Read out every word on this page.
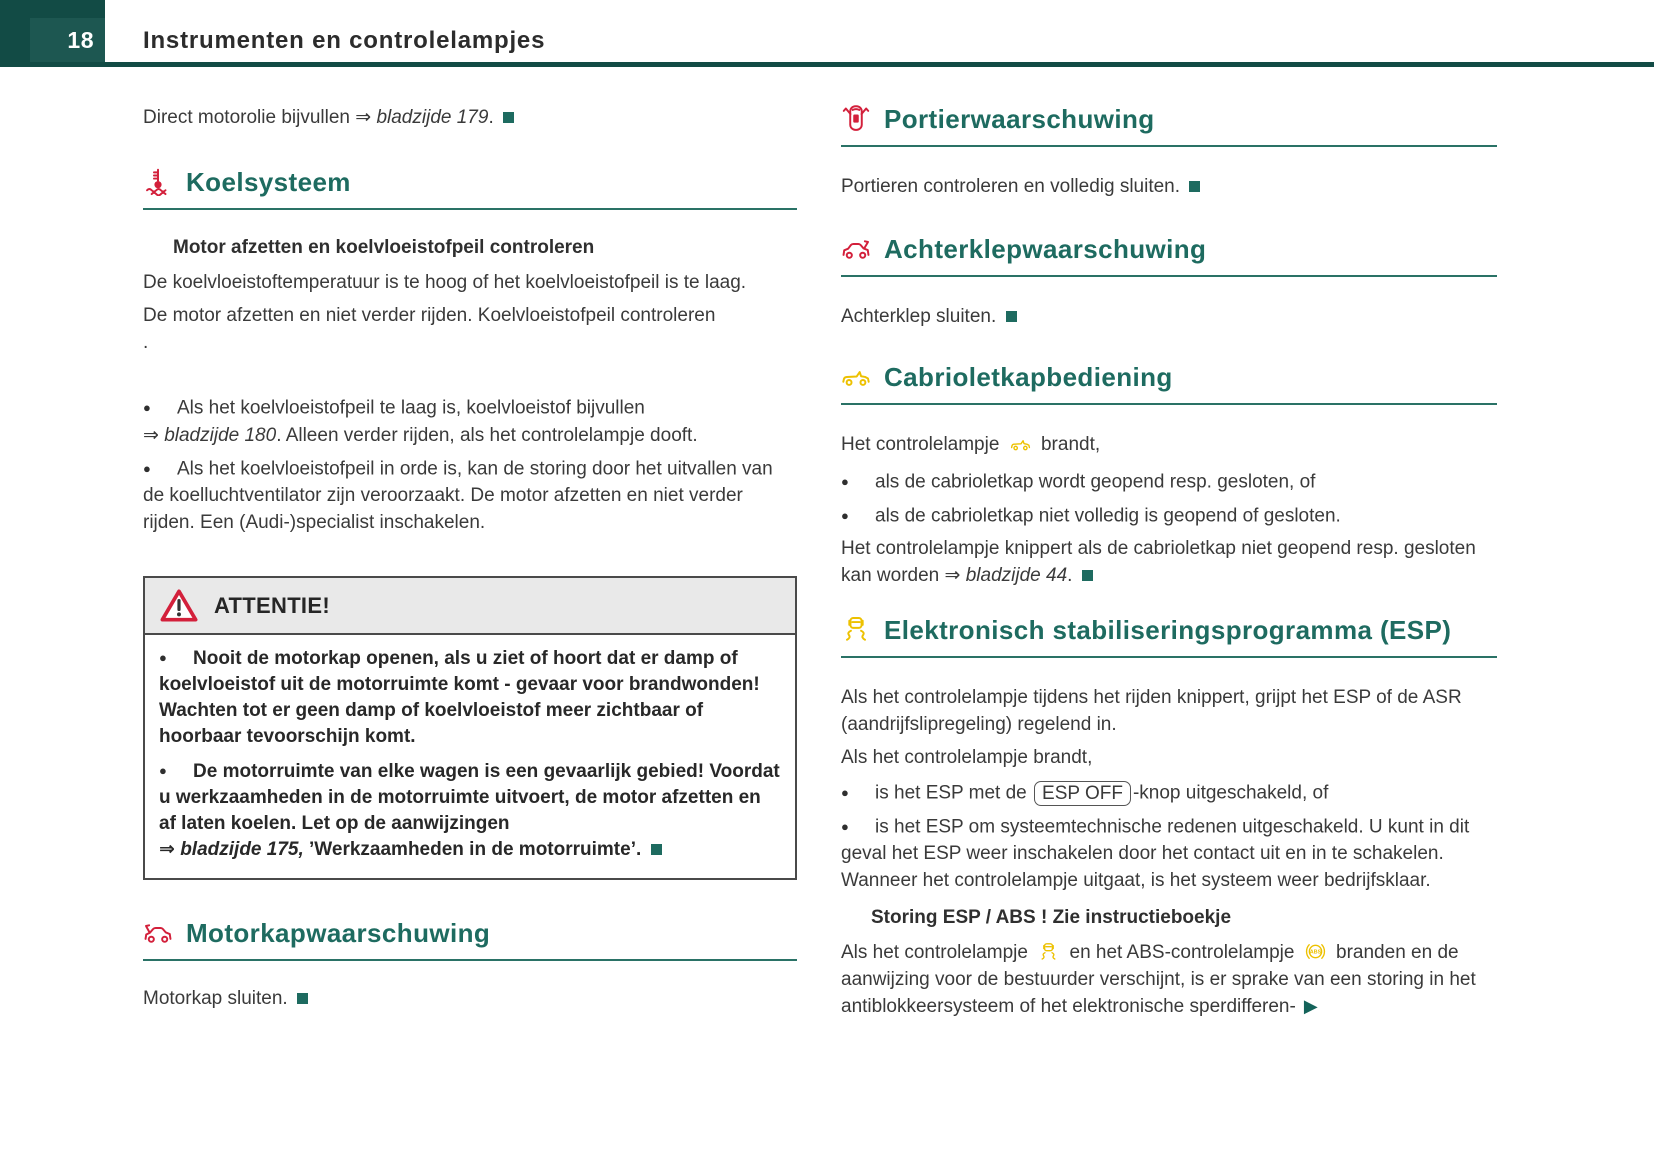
18 Instrumenten en controlelampjes

Direct motorolie bijvullen ⇒ bladzijde 179.

Koelsysteem

Motor afzetten en koelvloeistofpeil controleren

De koelvloeistoftemperatuur is te hoog of het koelvloeistofpeil is te laag.

De motor afzetten en niet verder rijden. Koelvloeistofpeil controleren
.

● Als het koelvloeistofpeil te laag is, koelvloeistof bijvullen
⇒ bladzijde 180. Alleen verder rijden, als het controlelampje dooft.

● Als het koelvloeistofpeil in orde is, kan de storing door het uitvallen van de koelluchtventilator zijn veroorzaakt. De motor afzetten en niet verder rijden. Een (Audi-)specialist inschakelen.

ATTENTIE!

● Nooit de motorkap openen, als u ziet of hoort dat er damp of koelvloeistof uit de motorruimte komt - gevaar voor brandwonden! Wachten tot er geen damp of koelvloeistof meer zichtbaar of hoorbaar tevoorschijn komt.

● De motorruimte van elke wagen is een gevaarlijk gebied! Voordat u werkzaamheden in de motorruimte uitvoert, de motor afzetten en af laten koelen. Let op de aanwijzingen
⇒ bladzijde 175, ’Werkzaamheden in de motorruimte’.

Motorkapwaarschuwing

Motorkap sluiten.

Portierwaarschuwing

Portieren controleren en volledig sluiten.

Achterklepwaarschuwing

Achterklep sluiten.

Cabrioletkapbediening

Het controlelampje
brandt,

● als de cabrioletkap wordt geopend resp. gesloten, of

● als de cabrioletkap niet volledig is geopend of gesloten.

Het controlelampje knippert als de cabrioletkap niet geopend resp. gesloten kan worden ⇒ bladzijde 44.

Elektronisch stabiliseringsprogramma (ESP)

Als het controlelampje tijdens het rijden knippert, grijpt het ESP of de ASR (aandrijfslipregeling) regelend in.

Als het controlelampje brandt,

● is het ESP met de ESP OFF -knop uitgeschakeld, of

● is het ESP om systeemtechnische redenen uitgeschakeld. U kunt in dit geval het ESP weer inschakelen door het contact uit en in te schakelen. Wanneer het controlelampje uitgaat, is het systeem weer bedrijfsklaar.

Storing ESP / ABS ! Zie instructieboekje

Als het controlelampje
en het ABS-controlelampje ABS branden en de aanwijzing voor de bestuurder verschijnt, is er sprake van een storing in het antiblokkeersysteem of het elektronische sperdifferen- ▶
